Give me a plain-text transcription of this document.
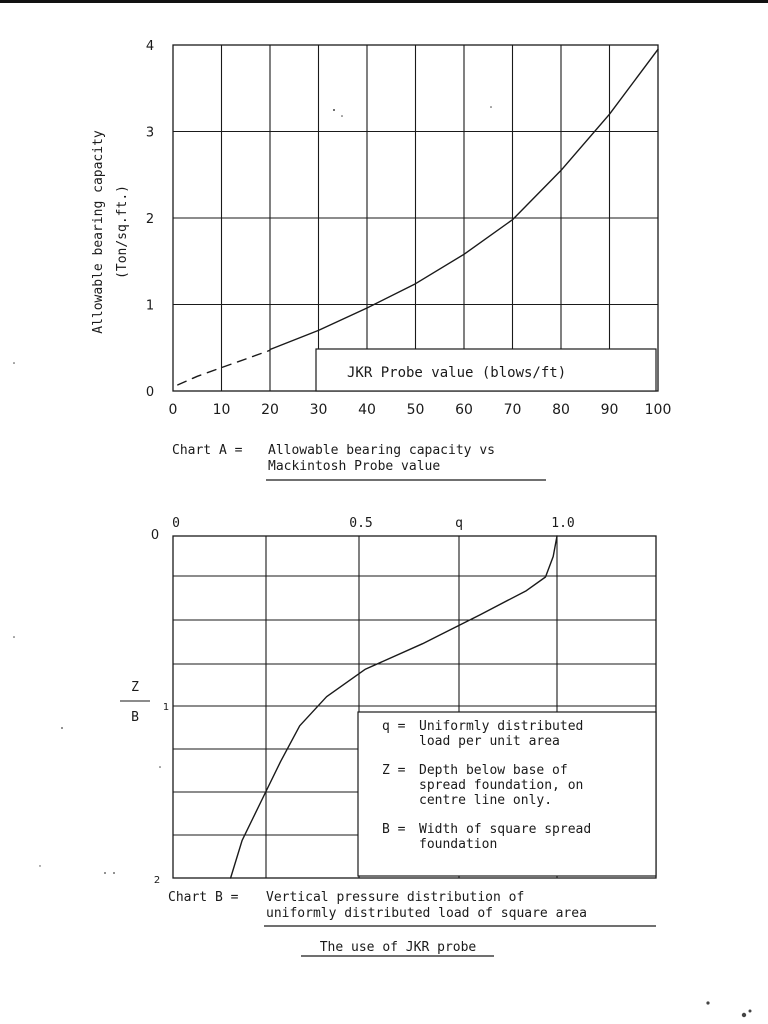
0	10 20 30 40 50 60 70 80 90 100
0
1
2
3
4
JKR Probe value (blows/ft)
Allowable bearing capacity (Ton/sq.ft.)
Chart A = Allowable bearing capacity vs
Mackintosh Probe value
q = Uniformly distributed
load per unit area
Z = Depth below base of
spread foundation, on
centre line only.
B = Width of square spread
foundation
0	0.5	q	1.0
0
1
2
Z
B
Chart B = Vertical pressure distribution of
uniformly distributed load of square area
The use of JKR probe
